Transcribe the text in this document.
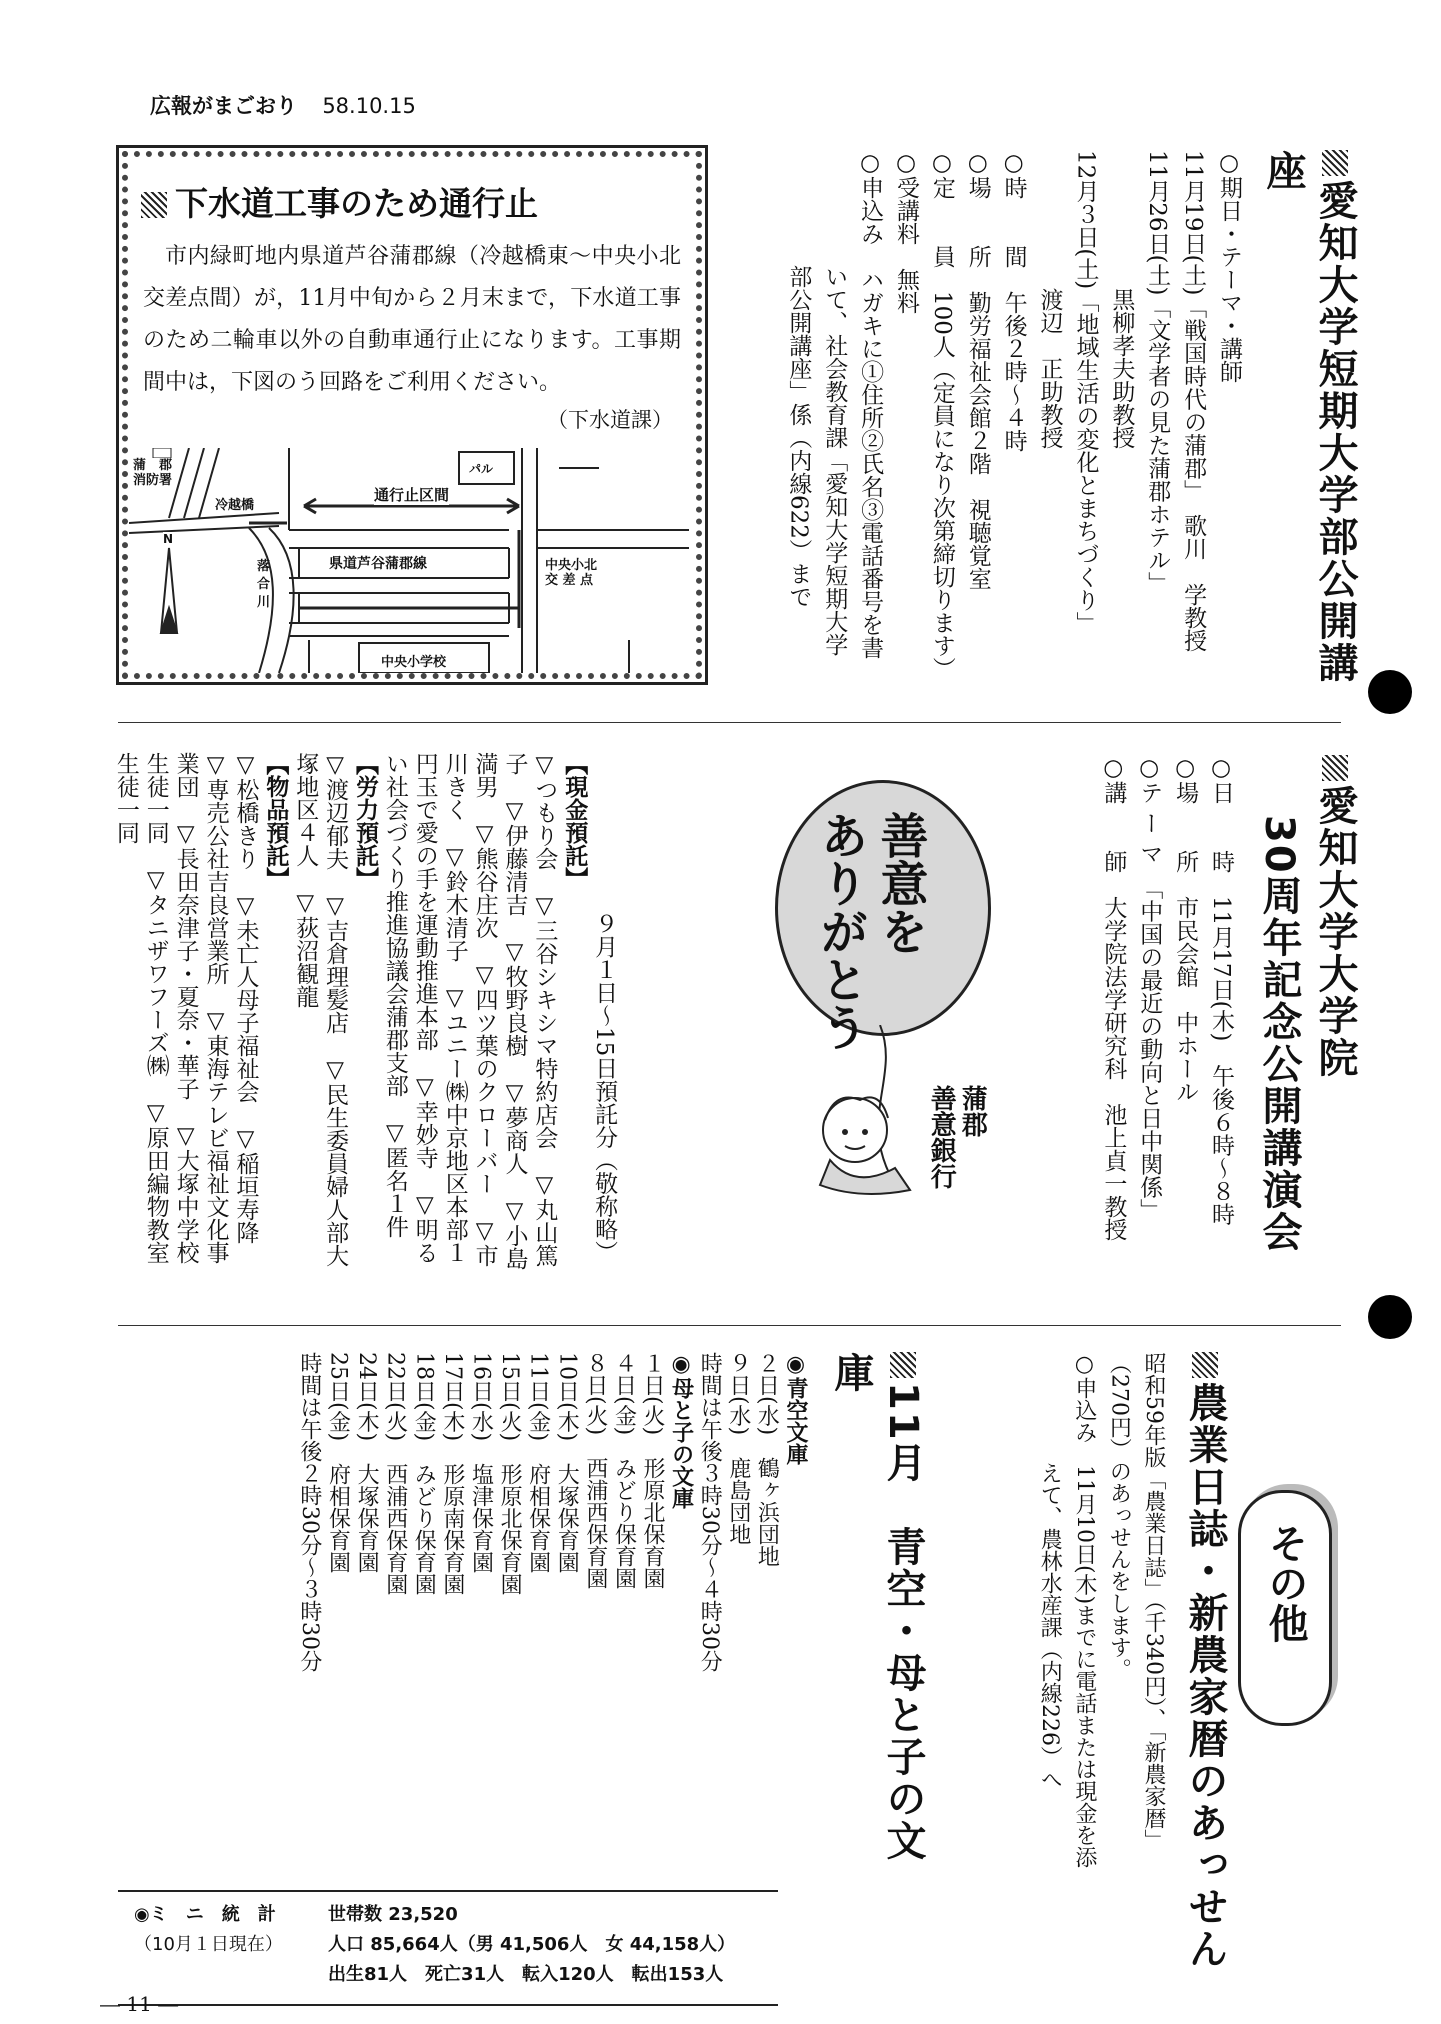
広報がまごおり 58.10.15
下水道工事のため通行止
市内緑町地内県道芦谷蒲郡線（冷越橋東～中央小北交差点間）が，11月中旬から２月末まで，下水道工事のため二輪車以外の自動車通行止になります。工事期間中は，下図のう回路をご利用ください。
（下水道課）
蒲　郡
消防署
冷越橋
通行止区間
県道芦谷蒲郡線	中央小北
交 差 点
落
合
川
パル
中央小学校
N	愛知大学短期大学部公開講座
○期日・テーマ・講師
11月19日(土)「戦国時代の蒲郡」　歌川　学教授
11月26日(土)「文学者の見た蒲郡ホテル」
　　　　　　黒柳孝夫助教授
12月３日(土)「地域生活の変化とまちづくり」
　　　　　　渡辺　正助教授
○時　　間　午後２時～４時
○場　　所　勤労福祉会館２階　視聴覚室
○定　　員　100人（定員になり次第締切ります）
○受講料　無料
○申込み　ハガキに①住所②氏名③電話番号を書
　　　　　いて、社会教育課「愛知大学短期大学
　　　　　部公開講座」係（内線622）まで
愛知大学大学院
30周年記念公開講演会
○日　　時　11月17日(木)　午後６時～８時
○場　　所　市民会館　中ホール
○テ ー マ　「中国の最近の動向と日中関係」
○講　　師　大学院法学研究科　池上貞一教授
善意を
ありがとう
蒲郡
善意銀行
９月１日～15日預託分（敬称略）
【現金預託】
▽つもり会　▽三谷シキシマ特約店会　▽丸山篤
子　▽伊藤清吉　▽牧野良樹　▽夢商人　▽小島
満男　▽熊谷庄次　▽四ツ葉のクローバー　▽市
川きく　▽鈴木清子　▽ユニー㈱中京地区本部１
円玉で愛の手を運動推進本部　▽幸妙寺　▽明る
い社会づくり推進協議会蒲郡支部　▽匿名１件
【労力預託】
▽渡辺郁夫　▽吉倉理髪店　▽民生委員婦人部大
塚地区４人　▽荻沼観龍
【物品預託】
▽松橋きり　▽未亡人母子福祉会　▽稲垣寿降
▽専売公社吉良営業所　▽東海テレビ福祉文化事
業団　▽長田奈津子・夏奈・華子　▽大塚中学校
生徒一同　▽タニザワフーズ㈱　▽原田編物教室
生徒一同
その他
農業日誌・新農家暦のあっせん
昭和59年版「農業日誌」（千340円）、「新農家暦」
（270円）のあっせんをします。
○申込み　11月10日(木)までに電話または現金を添
　　　　　えて、農林水産課（内線226）へ
11月　青空・母と子の文庫
◉青空文庫
２日(水)　鶴ヶ浜団地
９日(水)　鹿島団地
時間は午後３時30分～４時30分
◉母と子の文庫
１日(火)　形原北保育園
４日(金)　みどり保育園
８日(火)　西浦西保育園
10日(木)　大塚保育園
11日(金)　府相保育園
15日(火)　形原北保育園
16日(水)　塩津保育園
17日(木)　形原南保育園
18日(金)　みどり保育園
22日(火)　西浦西保育園
24日(木)　大塚保育園
25日(金)　府相保育園
時間は午後２時30分～３時30分
◉ミ　ニ　統　計
（10月１日現在）
世帯数 23,520
人口 85,664人（男 41,506人　女 44,158人）
出生81人　死亡31人　転入120人　転出153人
― 11 ―
